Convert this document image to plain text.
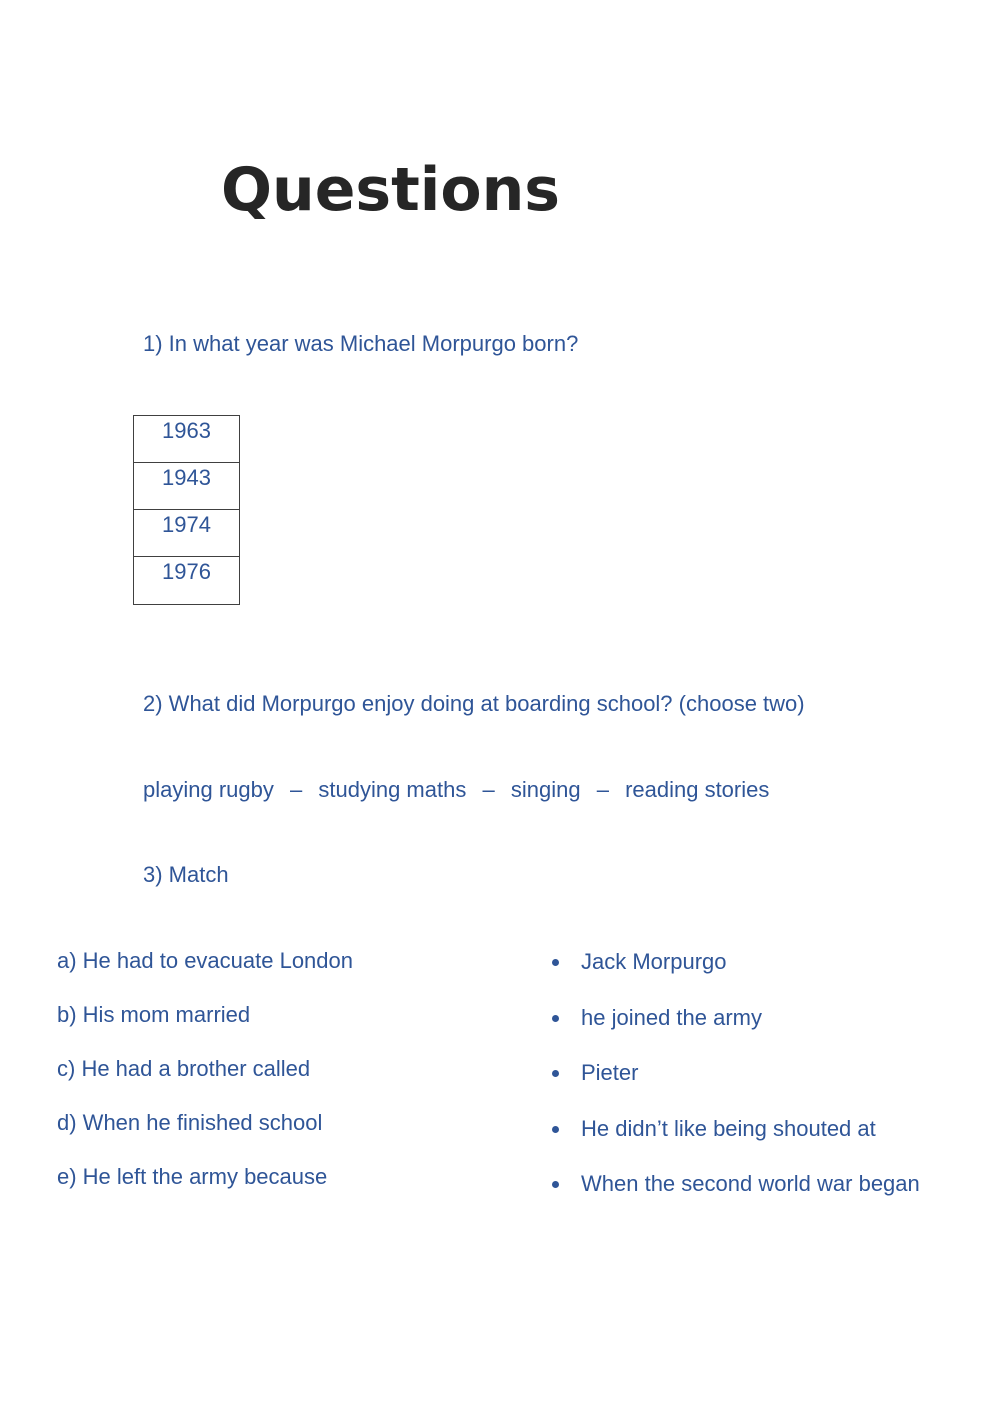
Questions
1) In what year was Michael Morpurgo born?
1963
1943
1974
1976
2) What did Morpurgo enjoy doing at boarding school? (choose two)
playing rugby – studying maths – singing – reading stories
3) Match
a) He had to evacuate London
b) His mom married
c) He had a brother called
d) When he finished school
e) He left the army because
Jack Morpurgo
he joined the army
Pieter
He didn’t like being shouted at
When the second world war began
